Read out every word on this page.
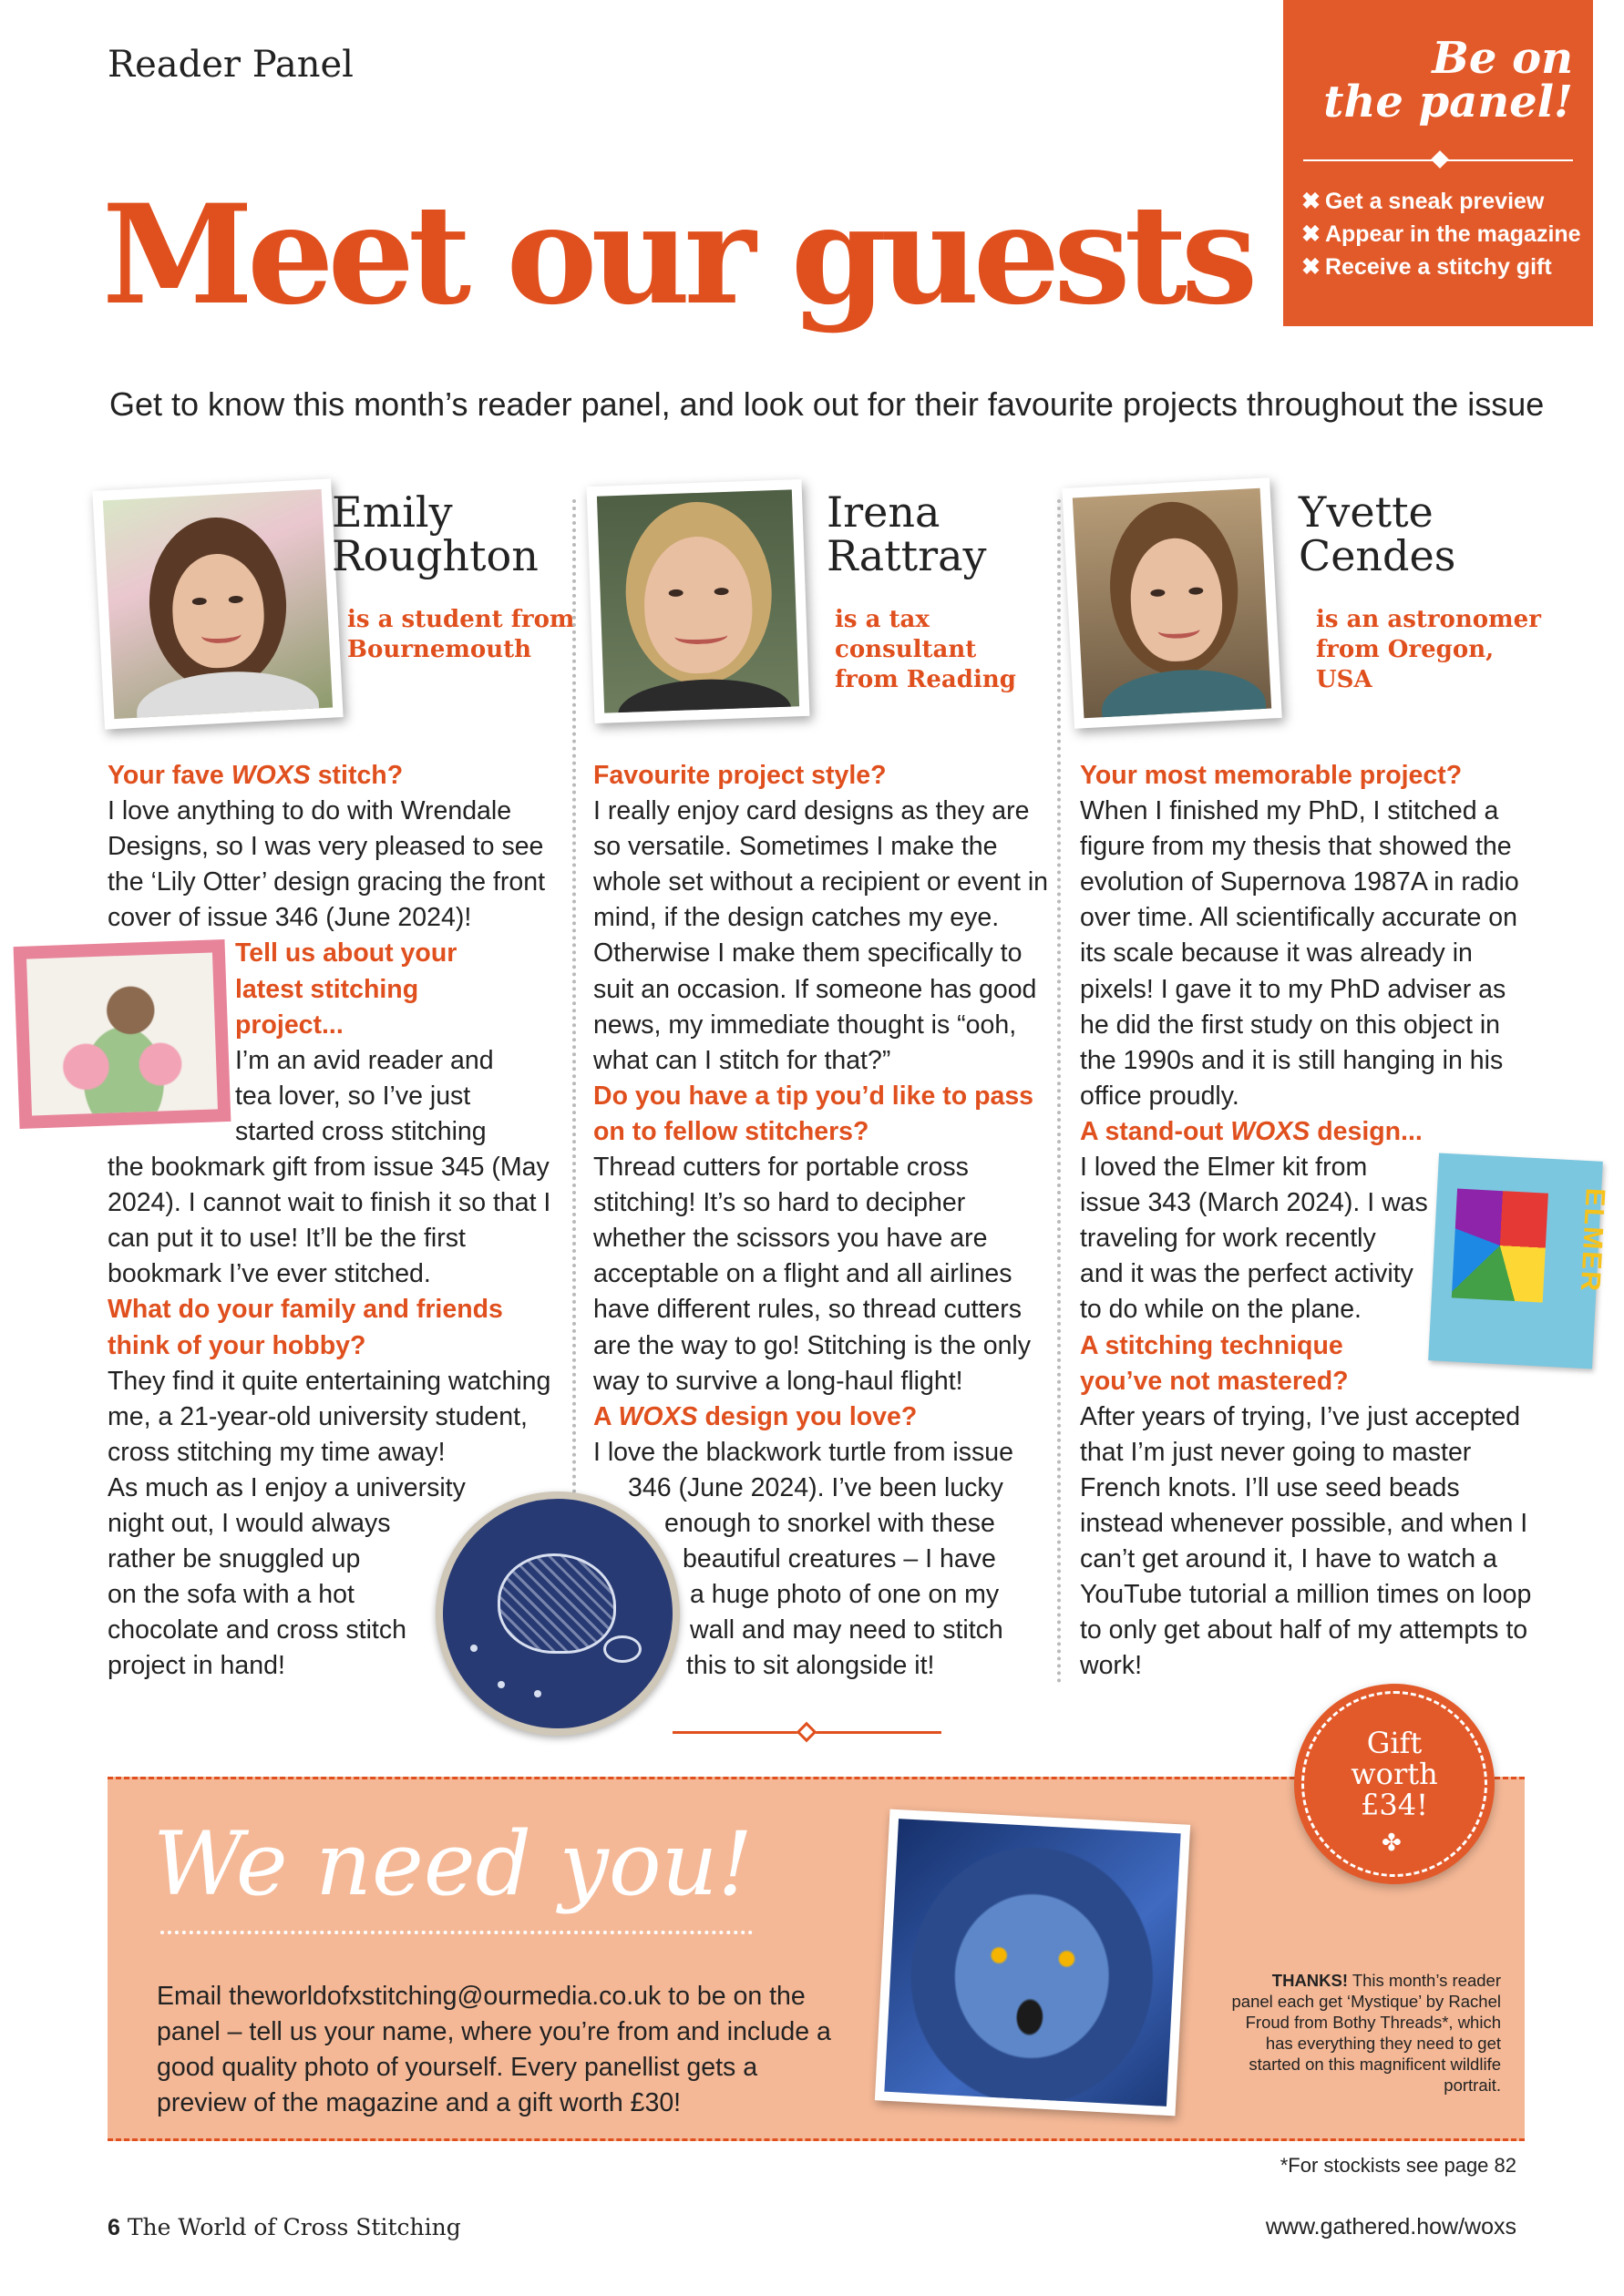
Reader Panel	Be on
the panel!
✖ Get a sneak preview
✖ Appear in the magazine
✖ Receive a stitchy gift
Meet our guests
Get to know this month’s reader panel, and look out for their favourite projects throughout the issue
Emily
Roughton
is a student from
Bournemouth
Irena
Rattray
is a tax
consultant
from Reading
Yvette
Cendes
is an astronomer
from Oregon,
USA
Your fave WOXS stitch?

I love anything to do with Wrendale Designs, so I was very pleased to see the ‘Lily Otter’ design gracing the front cover of issue 346 (June 2024)!

Tell us about your
latest stitching
project...
I’m an avid reader and
tea lover, so I’ve just
started cross stitching

the bookmark gift from issue 345 (May 2024). I cannot wait to finish it so that I can put it to use! It’ll be the first bookmark I’ve ever stitched.

What do your family and friends think of your hobby?

They find it quite entertaining watching me, a 21-year-old university student, cross stitching my time away!

As much as I enjoy a university
night out, I would always
rather be snuggled up
on the sofa with a hot
chocolate and cross stitch
project in hand!
Favourite project style?

I really enjoy card designs as they are so versatile. Sometimes I make the whole set without a recipient or event in mind, if the design catches my eye. Otherwise I make them specifically to suit an occasion. If someone has good news, my immediate thought is “ooh, what can I stitch for that?”

Do you have a tip you’d like to pass on to fellow stitchers?

Thread cutters for portable cross stitching! It’s so hard to decipher whether the scissors you have are acceptable on a flight and all airlines have different rules, so thread cutters are the way to go! Stitching is the only way to survive a long-haul flight!

A WOXS design you love?
I love the blackwork turtle from issue
346 (June 2024). I’ve been lucky
enough to snorkel with these
beautiful creatures – I have
a huge photo of one on my
wall and may need to stitch
this to sit alongside it!
Your most memorable project?

When I finished my PhD, I stitched a figure from my thesis that showed the evolution of Supernova 1987A in radio over time. All scientifically accurate on its scale because it was already in pixels! I gave it to my PhD adviser as he did the first study on this object in the 1990s and it is still hanging in his office proudly.

A stand-out WOXS design...
I loved the Elmer kit from
issue 343 (March 2024). I was
traveling for work recently
and it was the perfect activity
to do while on the plane.
A stitching technique
you’ve not mastered?

After years of trying, I’ve just accepted that I’m just never going to master French knots. I’ll use seed beads instead whenever possible, and when I can’t get around it, I have to watch a YouTube tutorial a million times on loop to only get about half of my attempts to work!

ELMER
We need you!

Email theworldofxstitching@ourmedia.co.uk to be on the panel – tell us your name, where you’re from and include a good quality photo of yourself. Every panellist gets a preview of the magazine and a gift worth £30!

THANKS! This month’s reader panel each get ‘Mystique’ by Rachel Froud from Bothy Threads*, which has everything they need to get started on this magnificent wildlife portrait.
Gift
worth
£34!
✤
*For stockists see page 82
6 The World of Cross Stitching	www.gathered.how/woxs
